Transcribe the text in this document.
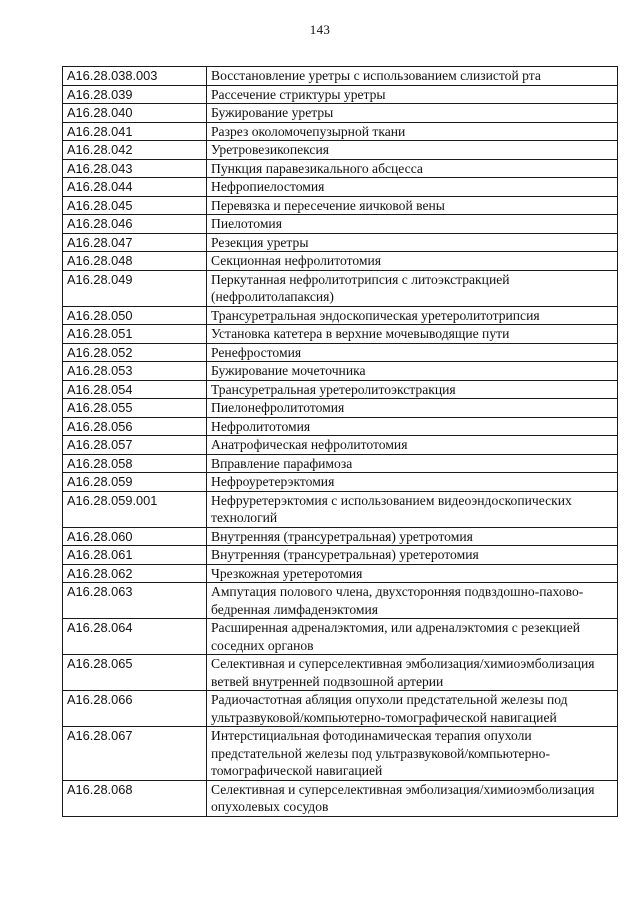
143
A16.28.038.003	Восстановление уретры с использованием слизистой рта
A16.28.039	Рассечение стриктуры уретры
A16.28.040	Бужирование уретры
A16.28.041	Разрез околомочепузырной ткани
A16.28.042	Уретровезикопексия
A16.28.043	Пункция паравезикального абсцесса
A16.28.044	Нефропиелостомия
A16.28.045	Перевязка и пересечение яичковой вены
A16.28.046	Пиелотомия
A16.28.047	Резекция уретры
A16.28.048	Секционная нефролитотомия
A16.28.049	Перкутанная нефролитотрипсия с литоэкстракцией (нефролитолапаксия)
A16.28.050	Трансуретральная эндоскопическая уретеролитотрипсия
A16.28.051	Установка катетера в верхние мочевыводящие пути
A16.28.052	Ренефростомия
A16.28.053	Бужирование мочеточника
A16.28.054	Трансуретральная уретеролитоэкстракция
A16.28.055	Пиелонефролитотомия
A16.28.056	Нефролитотомия
A16.28.057	Анатрофическая нефролитотомия
A16.28.058	Вправление парафимоза
A16.28.059	Нефроуретерэктомия
A16.28.059.001	Нефруретерэктомия с использованием видеоэндоскопических технологий
A16.28.060	Внутренняя (трансуретральная) уретротомия
A16.28.061	Внутренняя (трансуретральная) уретеротомия
A16.28.062	Чрезкожная уретеротомия
A16.28.063	Ампутация полового члена, двухсторонняя подвздошно-пахово-бедренная лимфаденэктомия
A16.28.064	Расширенная адреналэктомия, или адреналэктомия с резекцией соседних органов
A16.28.065	Селективная и суперселективная эмболизация/химиоэмболизация ветвей внутренней подвзошной артерии
A16.28.066	Радиочастотная абляция опухоли предстательной железы под ультразвуковой/компьютерно-томографической навигацией
A16.28.067	Интерстициальная фотодинамическая терапия опухоли предстательной железы под ультразвуковой/компьютерно-томографической навигацией
A16.28.068	Селективная и суперселективная эмболизация/химиоэмболизация опухолевых сосудов
